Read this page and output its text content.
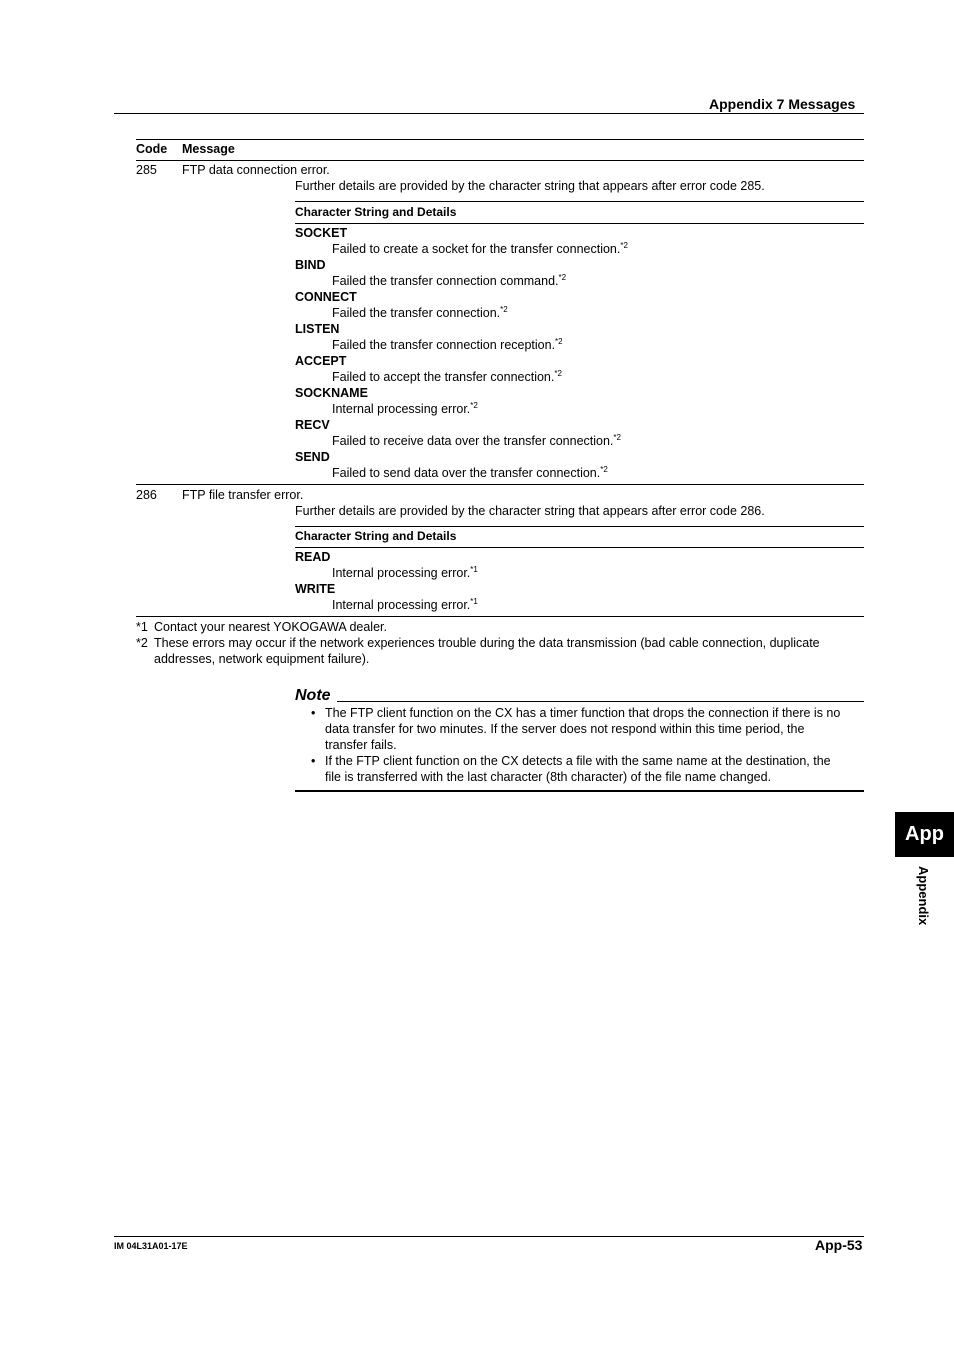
Appendix 7 Messages
Code Message
285 FTP data connection error.
Further details are provided by the character string that appears after error code 285.
Character String and Details
SOCKET
Failed to create a socket for the transfer connection.$^{*2}$
BIND
Failed the transfer connection command.$^{*2}$
CONNECT
Failed the transfer connection.$^{*2}$
LISTEN
Failed the transfer connection reception.$^{*2}$
ACCEPT
Failed to accept the transfer connection.$^{*2}$
SOCKNAME
Internal processing error.$^{*2}$
RECV
Failed to receive data over the transfer connection.$^{*2}$
SEND
Failed to send data over the transfer connection.$^{*2}$
286 FTP file transfer error.
Further details are provided by the character string that appears after error code 286.
Character String and Details
READ
Internal processing error.$^{*1}$
WRITE
Internal processing error.$^{*1}$
*1 Contact your nearest YOKOGAWA dealer.
*2 These errors may occur if the network experiences trouble during the data transmission (bad cable connection, duplicate
addresses, network equipment failure).
Note
• The FTP client function on the CX has a timer function that drops the connection if there is no
data transfer for two minutes. If the server does not respond within this time period, the
transfer fails.
• If the FTP client function on the CX detects a file with the same name at the destination, the
file is transferred with the last character (8th character) of the file name changed.
App
Appendix
IM 04L31A01-17E	App-53
